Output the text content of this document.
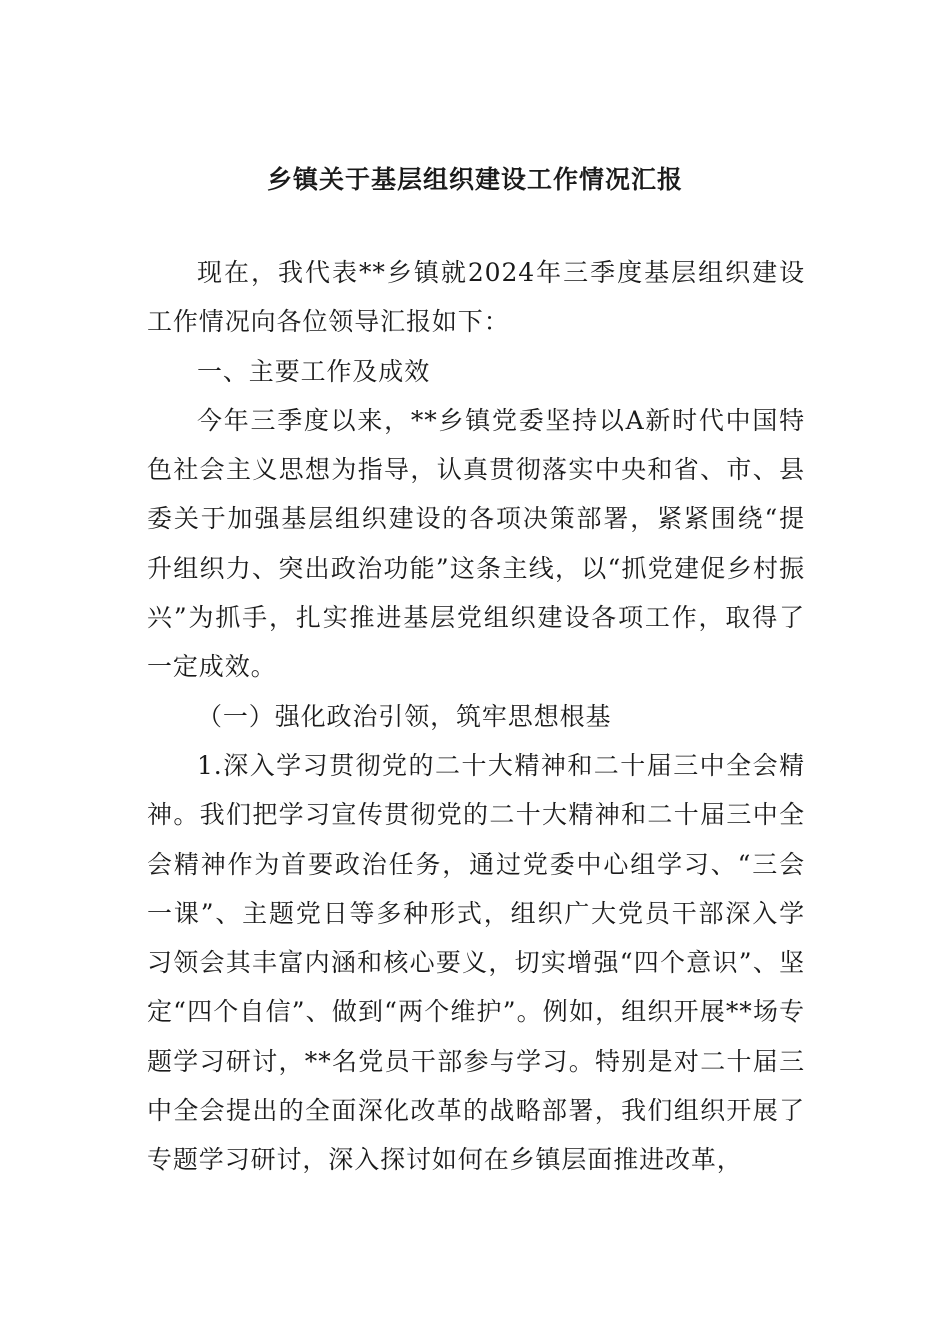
乡镇关于基层组织建设工作情况汇报

现在，我代表**乡镇就2024年三季度基层组织建设工作情况向各位领导汇报如下：

一、主要工作及成效

今年三季度以来，**乡镇党委坚持以A新时代中国特色社会主义思想为指导，认真贯彻落实中央和省、市、县委关于加强基层组织建设的各项决策部署，紧紧围绕“提升组织力、突出政治功能”这条主线，以“抓党建促乡村振兴”为抓手，扎实推进基层党组织建设各项工作，取得了一定成效。

（一）强化政治引领，筑牢思想根基

1.深入学习贯彻党的二十大精神和二十届三中全会精神。我们把学习宣传贯彻党的二十大精神和二十届三中全会精神作为首要政治任务，通过党委中心组学习、“三会一课”、主题党日等多种形式，组织广大党员干部深入学习领会其丰富内涵和核心要义，切实增强“四个意识”、坚定“四个自信”、做到“两个维护”。例如，组织开展**场专题学习研讨，**名党员干部参与学习。特别是对二十届三中全会提出的全面深化改革的战略部署，我们组织开展了专题学习研讨，深入探讨如何在乡镇层面推进改革，
